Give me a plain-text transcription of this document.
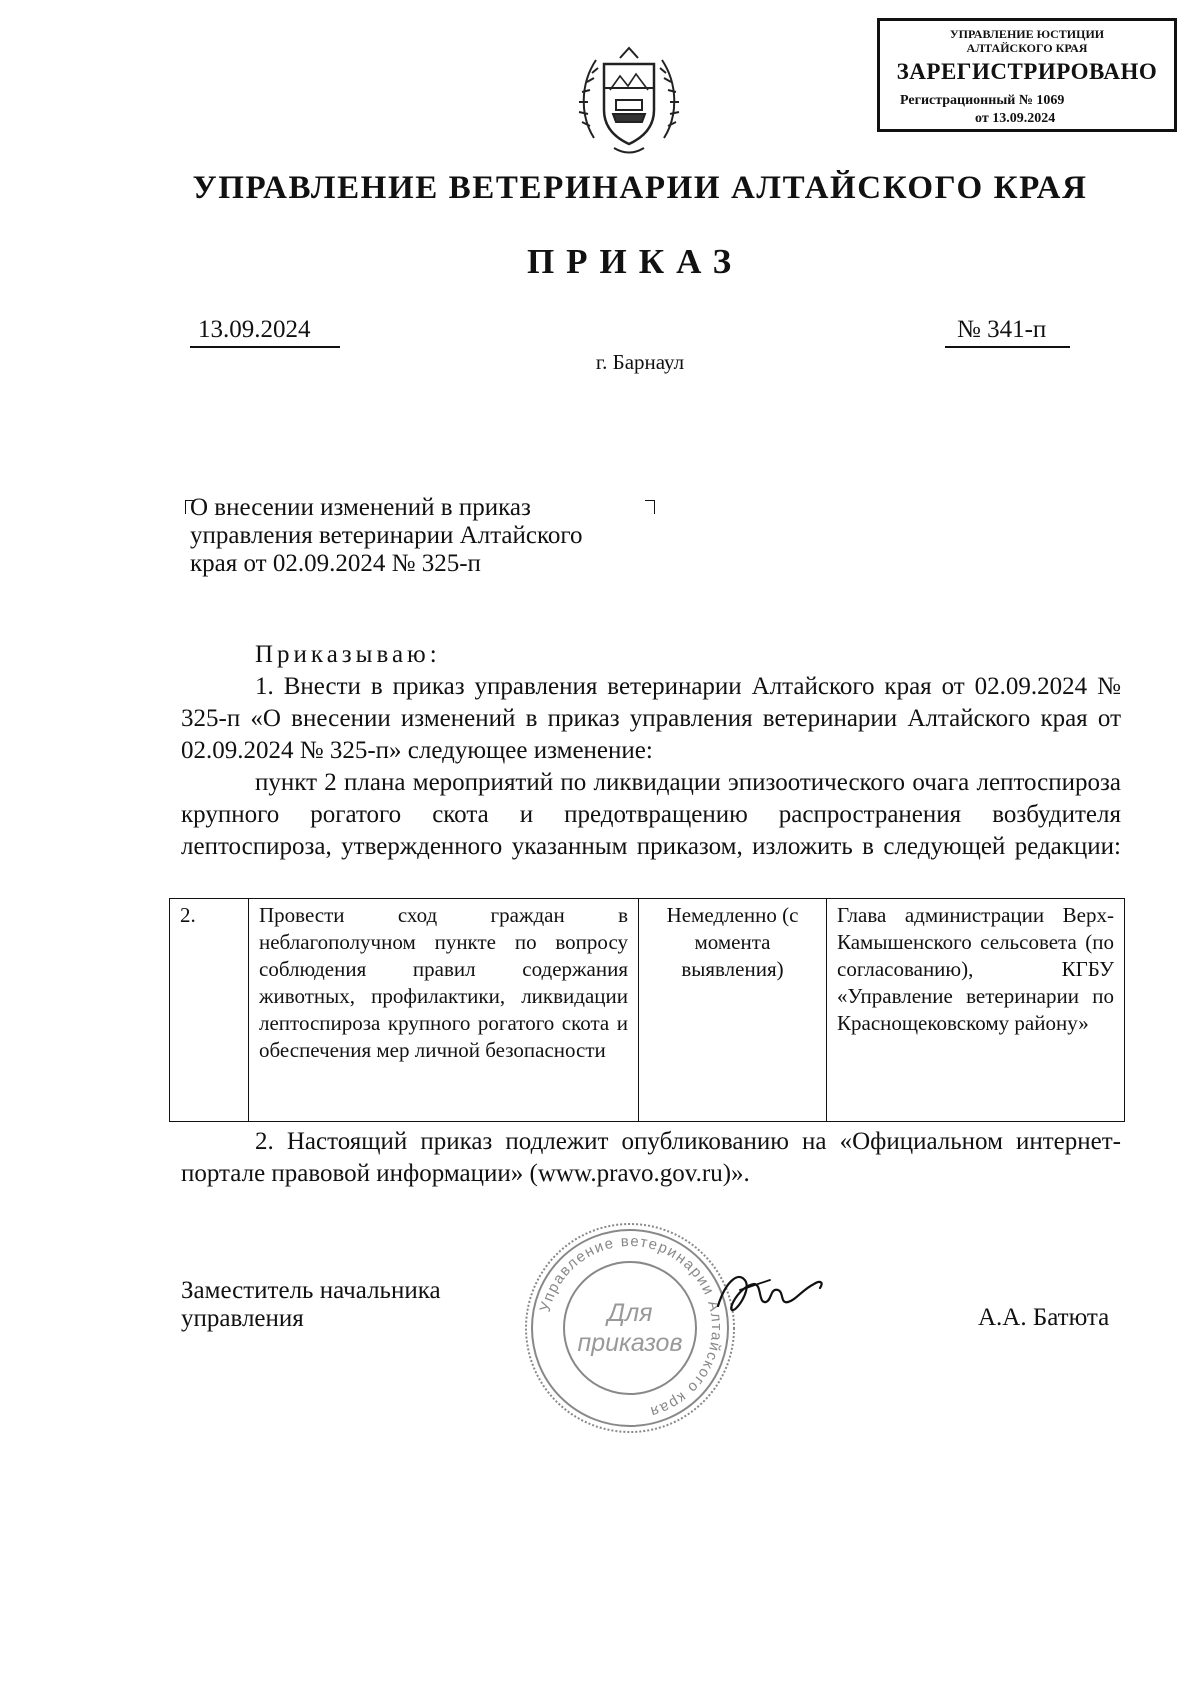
УПРАВЛЕНИЕ ЮСТИЦИИ
АЛТАЙСКОГО КРАЯ
ЗАРЕГИСТРИРОВАНО
Регистрационный № 1069
от 13.09.2024
УПРАВЛЕНИЕ ВЕТЕРИНАРИИ АЛТАЙСКОГО КРАЯ
ПРИКАЗ
13.09.2024	№ 341-п
г. Барнаул
О внесении изменений в приказ
управления ветеринарии Алтайского
края от 02.09.2024 № 325-п

Приказываю:

1. Внести в приказ управления ветеринарии Алтайского края от 02.09.2024 № 325-п «О внесении изменений в приказ управления ветеринарии Алтайского края от 02.09.2024 № 325-п» следующее изменение:

пункт 2 плана мероприятий по ликвидации эпизоотического очага лептоспироза крупного рогатого скота и предотвращению распространения возбудителя лептоспироза, утвержденного указанным приказом, изложить в следующей редакции:

2.	Провести сход граждан в неблагополучном пункте по вопросу соблюдения правил содержания животных, профилактики, ликвидации лептоспироза крупного рогатого скота и обеспечения мер личной безопасности	Немедленно (с момента выявления)	Глава администрации Верх-Камышенского сельсовета (по согласованию), КГБУ «Управление ветеринарии по Краснощековскому району»

2. Настоящий приказ подлежит опубликованию на «Официальном интернет-портале правовой информации» (www.pravo.gov.ru)».

Заместитель начальника управления	А.А. Батюта
Управление ветеринарии Алтайского края
Для
приказов
